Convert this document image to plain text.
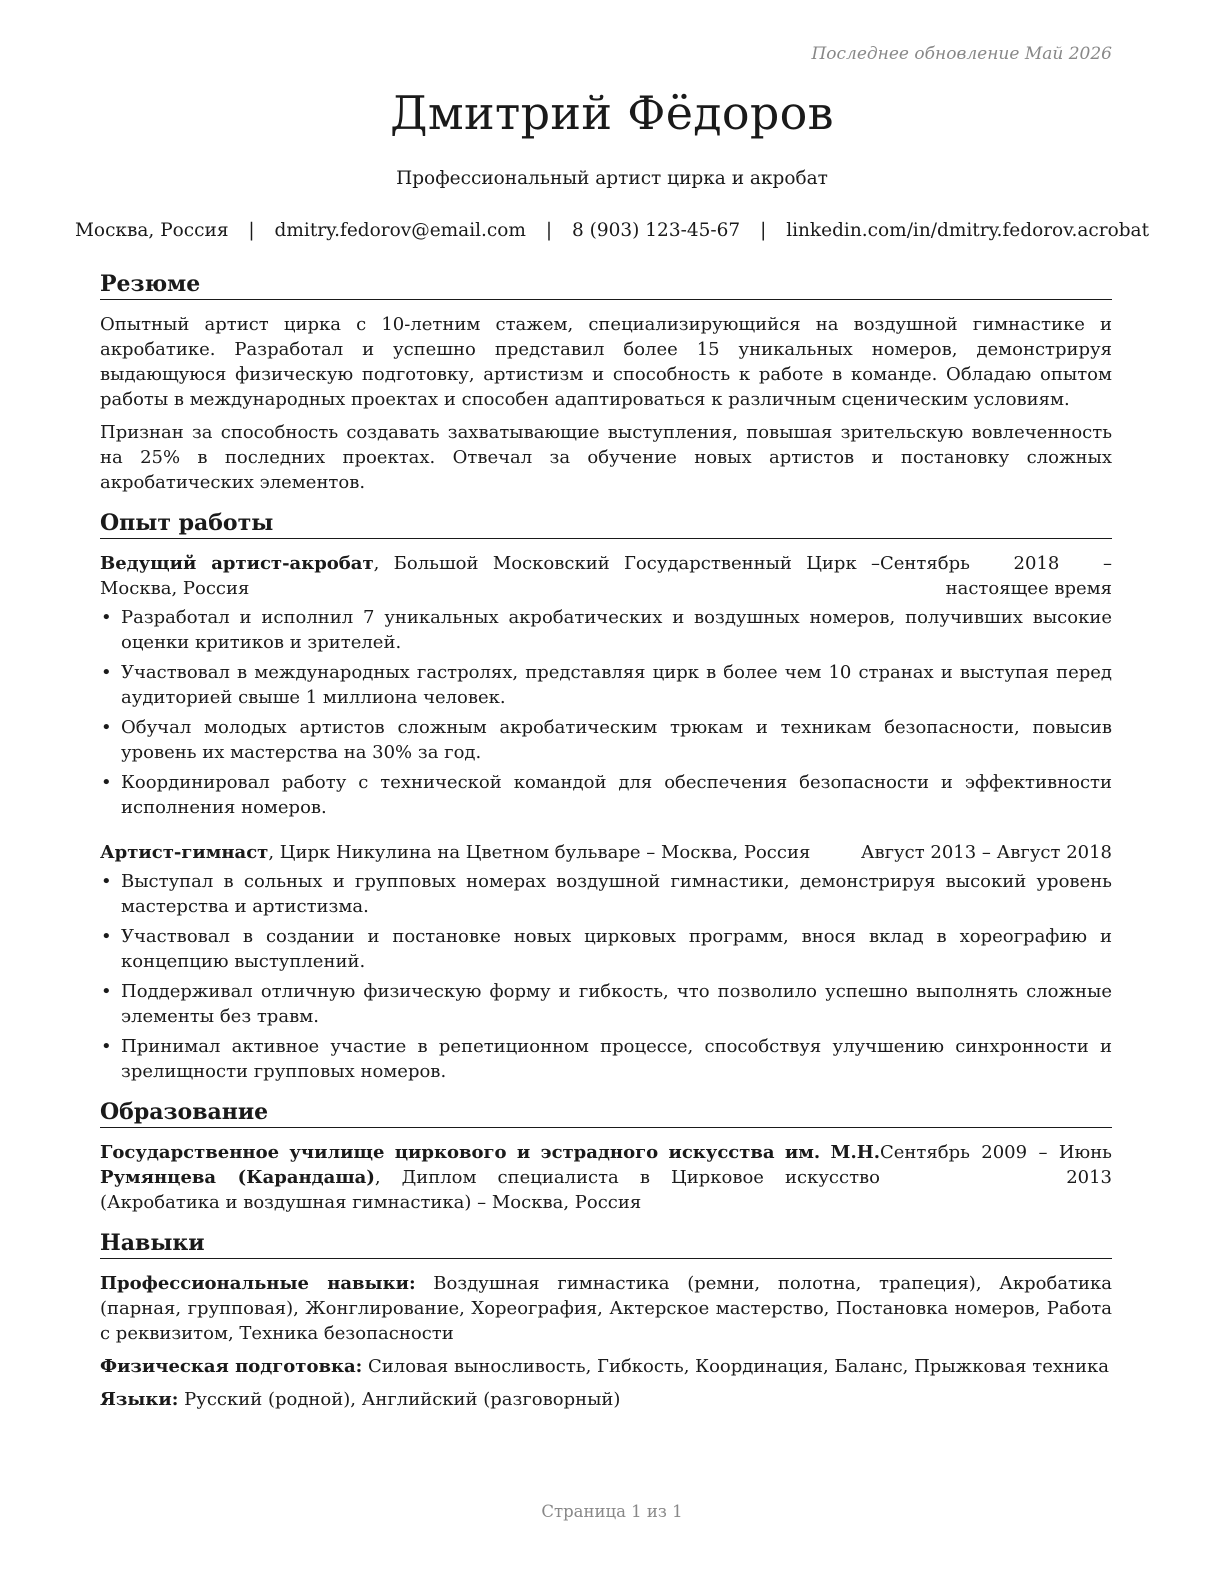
Последнее обновление Май 2026
Дмитрий Фёдоров
Профессиональный артист цирка и акробат
Москва, Россия | dmitry.fedorov@email.com | 8 (903) 123-45-67 | linkedin.com/in/dmitry.fedorov.acrobat
Резюме

Опытный артист цирка с 10-летним стажем, специализирующийся на воздушной гимнастике и акробатике. Разработал и успешно представил более 15 уникальных номеров, демонстрируя выдающуюся физическую подготовку, артистизм и способность к работе в команде. Обладаю опытом работы в международных проектах и способен адаптироваться к различным сценическим условиям.

Признан за способность создавать захватывающие выступления, повышая зрительскую вовлеченность на 25% в последних проектах. Отвечал за обучение новых артистов и постановку сложных акробатических элементов.

Опыт работы
Ведущий артист-акробат, Большой Московский Государственный Цирк – Москва, Россия
Сентябрь 2018 – настоящее время
• Разработал и исполнил 7 уникальных акробатических и воздушных номеров, получивших высокие оценки критиков и зрителей.
• Участвовал в международных гастролях, представляя цирк в более чем 10 странах и выступая перед аудиторией свыше 1 миллиона человек.
• Обучал молодых артистов сложным акробатическим трюкам и техникам безопасности, повысив уровень их мастерства на 30% за год.
• Координировал работу с технической командой для обеспечения безопасности и эффективности исполнения номеров.
Артист-гимнаст, Цирк Никулина на Цветном бульваре – Москва, Россия	Август 2013 – Август 2018
• Выступал в сольных и групповых номерах воздушной гимнастики, демонстрируя высокий уровень мастерства и артистизма.
• Участвовал в создании и постановке новых цирковых программ, внося вклад в хореографию и концепцию выступлений.
• Поддерживал отличную физическую форму и гибкость, что позволило успешно выполнять сложные элементы без травм.
• Принимал активное участие в репетиционном процессе, способствуя улучшению синхронности и зрелищности групповых номеров.
Образование
Государственное училище циркового и эстрадного искусства им. М.Н. Румянцева (Карандаша), Диплом специалиста в Цирковое искусство (Акробатика и воздушная гимнастика) – Москва, Россия
Сентябрь 2009 – Июнь 2013
Навыки

Профессиональные навыки: Воздушная гимнастика (ремни, полотна, трапеция), Акробатика (парная, групповая), Жонглирование, Хореография, Актерское мастерство, Постановка номеров, Работа с реквизитом, Техника безопасности

Физическая подготовка: Силовая выносливость, Гибкость, Координация, Баланс, Прыжковая техника

Языки: Русский (родной), Английский (разговорный)

Страница 1 из 1
